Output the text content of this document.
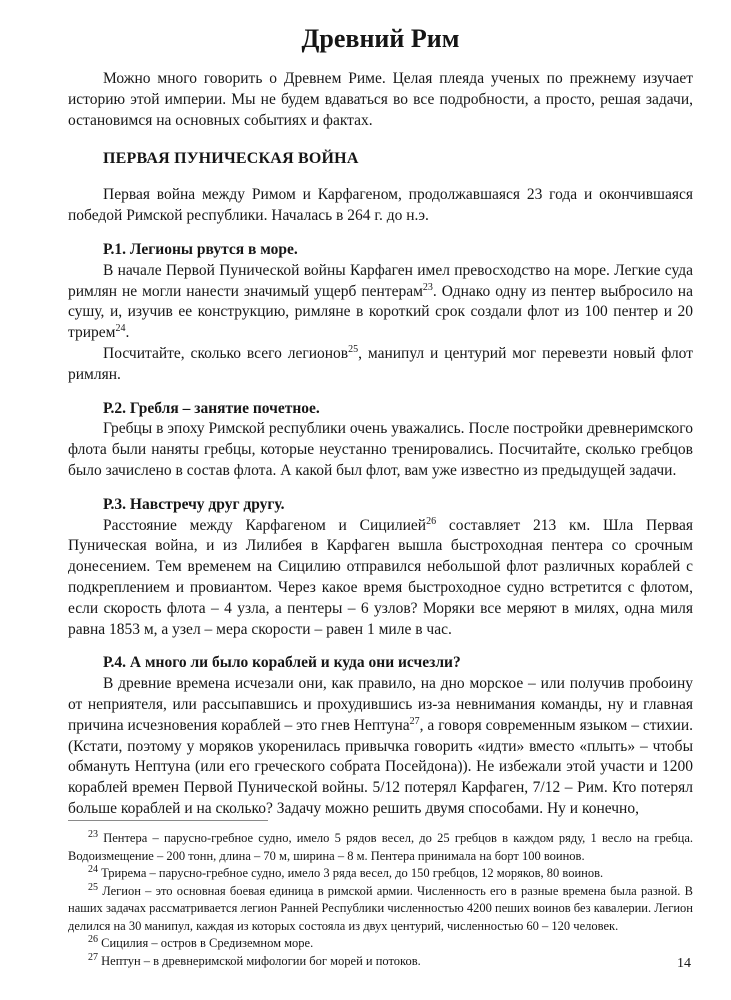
Древний Рим

Можно много говорить о Древнем Риме. Целая плеяда ученых по прежнему изучает историю этой империи. Мы не будем вдаваться во все подробности, а просто, решая задачи, остановимся на основных событиях и фактах.

ПЕРВАЯ ПУНИЧЕСКАЯ ВОЙНА

Первая война между Римом и Карфагеном, продолжавшаяся 23 года и окончившаяся победой Римской республики. Началась в 264 г. до н.э.

Р.1. Легионы рвутся в море.

В начале Первой Пунической войны Карфаген имел превосходство на море. Легкие суда римлян не могли нанести значимый ущерб пентерам$^{23}$. Однако одну из пентер выбросило на сушу, и, изучив ее конструкцию, римляне в короткий срок создали флот из 100 пентер и 20 трирем$^{24}$.

Посчитайте, сколько всего легионов$^{25}$, манипул и центурий мог перевезти новый флот римлян.

Р.2. Гребля – занятие почетное.

Гребцы в эпоху Римской республики очень уважались. После постройки древнеримского флота были наняты гребцы, которые неустанно тренировались. Посчитайте, сколько гребцов было зачислено в состав флота. А какой был флот, вам уже известно из предыдущей задачи.

Р.3. Навстречу друг другу.

Расстояние между Карфагеном и Сицилией$^{26}$ составляет 213 км. Шла Первая Пуническая война, и из Лилибея в Карфаген вышла быстроходная пентера со срочным донесением. Тем временем на Сицилию отправился небольшой флот различных кораблей с подкреплением и провиантом. Через какое время быстроходное судно встретится с флотом, если скорость флота – 4 узла, а пентеры – 6 узлов? Моряки все меряют в милях, одна миля равна 1853 м, а узел – мера скорости – равен 1 миле в час.

Р.4. А много ли было кораблей и куда они исчезли?

В древние времена исчезали они, как правило, на дно морское – или получив пробоину от неприятеля, или рассыпавшись и прохудившись из-за невнимания команды, ну и главная причина исчезновения кораблей – это гнев Нептуна$^{27}$, а говоря современным языком – стихии. (Кстати, поэтому у моряков укоренилась привычка говорить «идти» вместо «плыть» – чтобы обмануть Нептуна (или его греческого собрата Посейдона)). Не избежали этой участи и 1200 кораблей времен Первой Пунической войны. 5/12 потерял Карфаген, 7/12 – Рим. Кто потерял больше кораблей и на сколько? Задачу можно решить двумя способами. Ну и конечно,

$^{23}$ Пентера – парусно-гребное судно, имело 5 рядов весел, до 25 гребцов в каждом ряду, 1 весло на гребца. Водоизмещение – 200 тонн, длина – 70 м, ширина – 8 м. Пентера принимала на борт 100 воинов.

$^{24}$ Трирема – парусно-гребное судно, имело 3 ряда весел, до 150 гребцов, 12 моряков, 80 воинов.

$^{25}$ Легион – это основная боевая единица в римской армии. Численность его в разные времена была разной. В наших задачах рассматривается легион Ранней Республики численностью 4200 пеших воинов без кавалерии. Легион делился на 30 манипул, каждая из которых состояла из двух центурий, численностью 60 – 120 человек.

$^{26}$ Сицилия – остров в Средиземном море.

$^{27}$ Нептун – в древнеримской мифологии бог морей и потоков.	14
